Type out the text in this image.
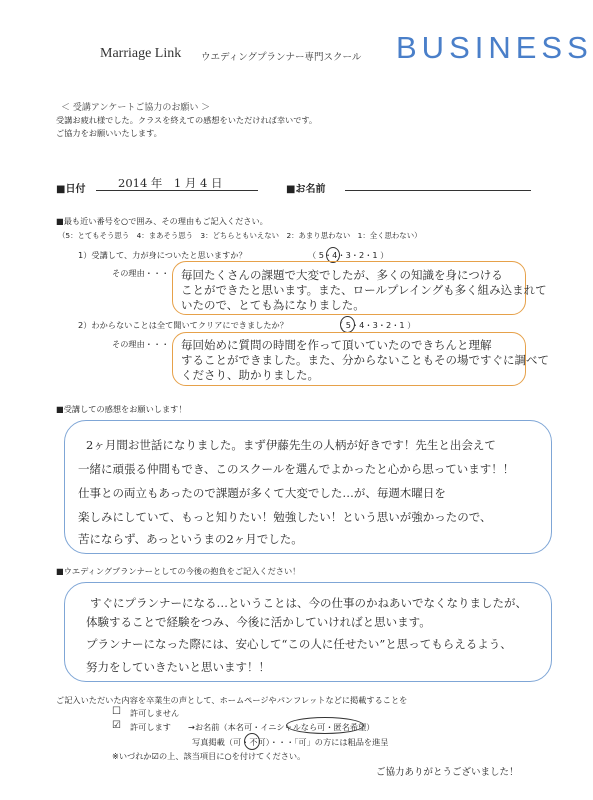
Marriage Link ウエディングプランナー専門スクール BUSINESS
＜ 受講アンケートご協力のお願い ＞
受講お疲れ様でした。クラスを終えての感想をいただければ幸いです。
ご協力をお願いいたします。
■日付	2014 年　1 月 4 日	■お名前
■最も近い番号を○で囲み、その理由もご記入ください。
（5：とてもそう思う　4：まあそう思う　3：どちらともいえない　2：あまり思わない　1：全く思わない）
1）受講して、力が身についたと思いますか？	（ 5・4・3・2・1 ）
その理由・・・ 毎回たくさんの課題で大変でしたが、多くの知識を身につける
ことができたと思います。また、ロールプレイングも多く組み込まれて
いたので、とても為になりました。
2）わからないことは全て聞いてクリアにできましたか？	（ 5・4・3・2・1 ）
その理由・・・ 毎回始めに質問の時間を作って頂いていたのできちんと理解
することができました。また、分からないこともその場ですぐに調べて
くださり、助かりました。
■受講しての感想をお願いします！
2ヶ月間お世話になりました。まず伊藤先生の人柄が好きです！先生と出会えて
一緒に頑張る仲間もでき、このスクールを選んでよかったと心から思っています！！
仕事との両立もあったので課題が多くて大変でした…が、毎週木曜日を
楽しみにしていて、もっと知りたい！勉強したい！という思いが強かったので、
苦にならず、あっというまの2ヶ月でした。
■ウエディングプランナーとしての今後の抱負をご記入ください！
すぐにプランナーになる…ということは、今の仕事のかねあいでなくなりましたが、
体験することで経験をつみ、今後に活かしていければと思います。
プランナーになった際には、安心して“この人に任せたい”と思ってもらえるよう、
努力をしていきたいと思います！！
ご記入いただいた内容を卒業生の声として、ホームページやパンフレットなどに掲載することを
☐ 許可しません
☑ 許可します →お名前（本名可・イニシャルなら可・匿名希望）
写真掲載（可・不可）・・・「可」の方には粗品を進呈
※いづれか☑の上、該当項目に○を付けてください。
ご協力ありがとうございました！
